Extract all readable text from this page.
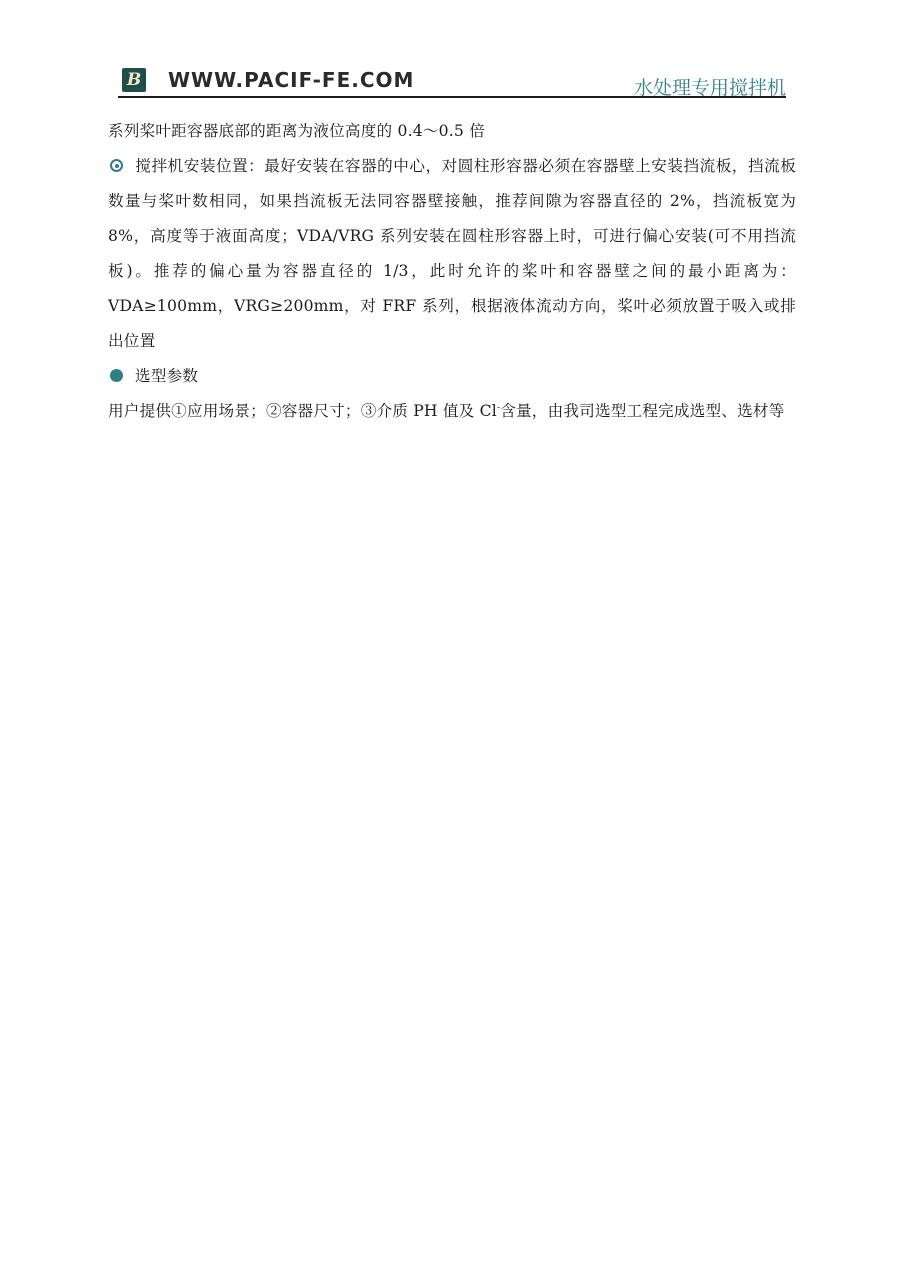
B WWW.PACIF-FE.COM	水处理专用搅拌机

系列桨叶距容器底部的距离为液位高度的 0.4～0.5 倍

搅拌机安装位置：最好安装在容器的中心，对圆柱形容器必须在容器壁上安装挡流板，挡流板数量与桨叶数相同，如果挡流板无法同容器壁接触，推荐间隙为容器直径的 2%，挡流板宽为 8%，高度等于液面高度；VDA/VRG 系列安装在圆柱形容器上时，可进行偏心安装(可不用挡流板)。推荐的偏心量为容器直径的 1/3，此时允许的桨叶和容器壁之间的最小距离为：VDA≥100mm，VRG≥200mm，对 FRF 系列，根据液体流动方向，桨叶必须放置于吸入或排出位置

选型参数

用户提供①应用场景；②容器尺寸；③介质 PH 值及 Cl-含量，由我司选型工程完成选型、选材等
